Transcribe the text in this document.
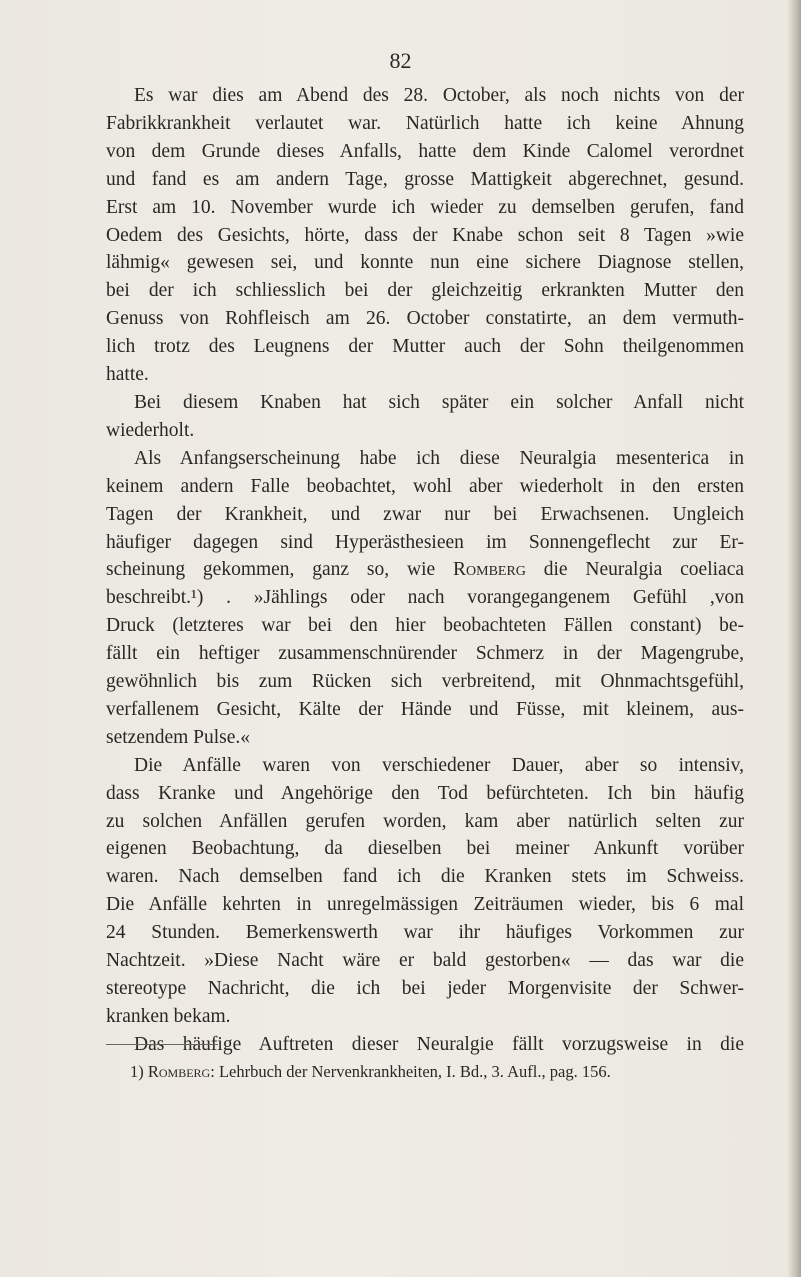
82

Es war dies am Abend des 28. October, als noch nichts von der
Fabrikkrankheit verlautet war. Natürlich hatte ich keine Ahnung
von dem Grunde dieses Anfalls, hatte dem Kinde Calomel verordnet
und fand es am andern Tage, grosse Mattigkeit abgerechnet, gesund.
Erst am 10. November wurde ich wieder zu demselben gerufen, fand
Oedem des Gesichts, hörte, dass der Knabe schon seit 8 Tagen »wie
lähmig« gewesen sei, und konnte nun eine sichere Diagnose stellen,
bei der ich schliesslich bei der gleichzeitig erkrankten Mutter den
Genuss von Rohfleisch am 26. October constatirte, an dem vermuth-
lich trotz des Leugnens der Mutter auch der Sohn theilgenommen
hatte.

Bei diesem Knaben hat sich später ein solcher Anfall nicht
wiederholt.

Als Anfangserscheinung habe ich diese Neuralgia mesenterica in
keinem andern Falle beobachtet, wohl aber wiederholt in den ersten
Tagen der Krankheit, und zwar nur bei Erwachsenen. Ungleich
häufiger dagegen sind Hyperästhesieen im Sonnengeflecht zur Er-
scheinung gekommen, ganz so, wie Romberg die Neuralgia coeliaca
beschreibt.¹) . »Jählings oder nach vorangegangenem Gefühl ,von
Druck (letzteres war bei den hier beobachteten Fällen constant) be-
fällt ein heftiger zusammenschnürender Schmerz in der Magengrube,
gewöhnlich bis zum Rücken sich verbreitend, mit Ohnmachtsgefühl,
verfallenem Gesicht, Kälte der Hände und Füsse, mit kleinem, aus-
setzendem Pulse.«

Die Anfälle waren von verschiedener Dauer, aber so intensiv,
dass Kranke und Angehörige den Tod befürchteten. Ich bin häufig
zu solchen Anfällen gerufen worden, kam aber natürlich selten zur
eigenen Beobachtung, da dieselben bei meiner Ankunft vorüber
waren. Nach demselben fand ich die Kranken stets im Schweiss.
Die Anfälle kehrten in unregelmässigen Zeiträumen wieder, bis 6 mal
24 Stunden. Bemerkenswerth war ihr häufiges Vorkommen zur
Nachtzeit. »Diese Nacht wäre er bald gestorben« — das war die
stereotype Nachricht, die ich bei jeder Morgenvisite der Schwer-
kranken bekam.

Das häufige Auftreten dieser Neuralgie fällt vorzugsweise in die

1) Romberg: Lehrbuch der Nervenkrankheiten, I. Bd., 3. Aufl., pag. 156.
